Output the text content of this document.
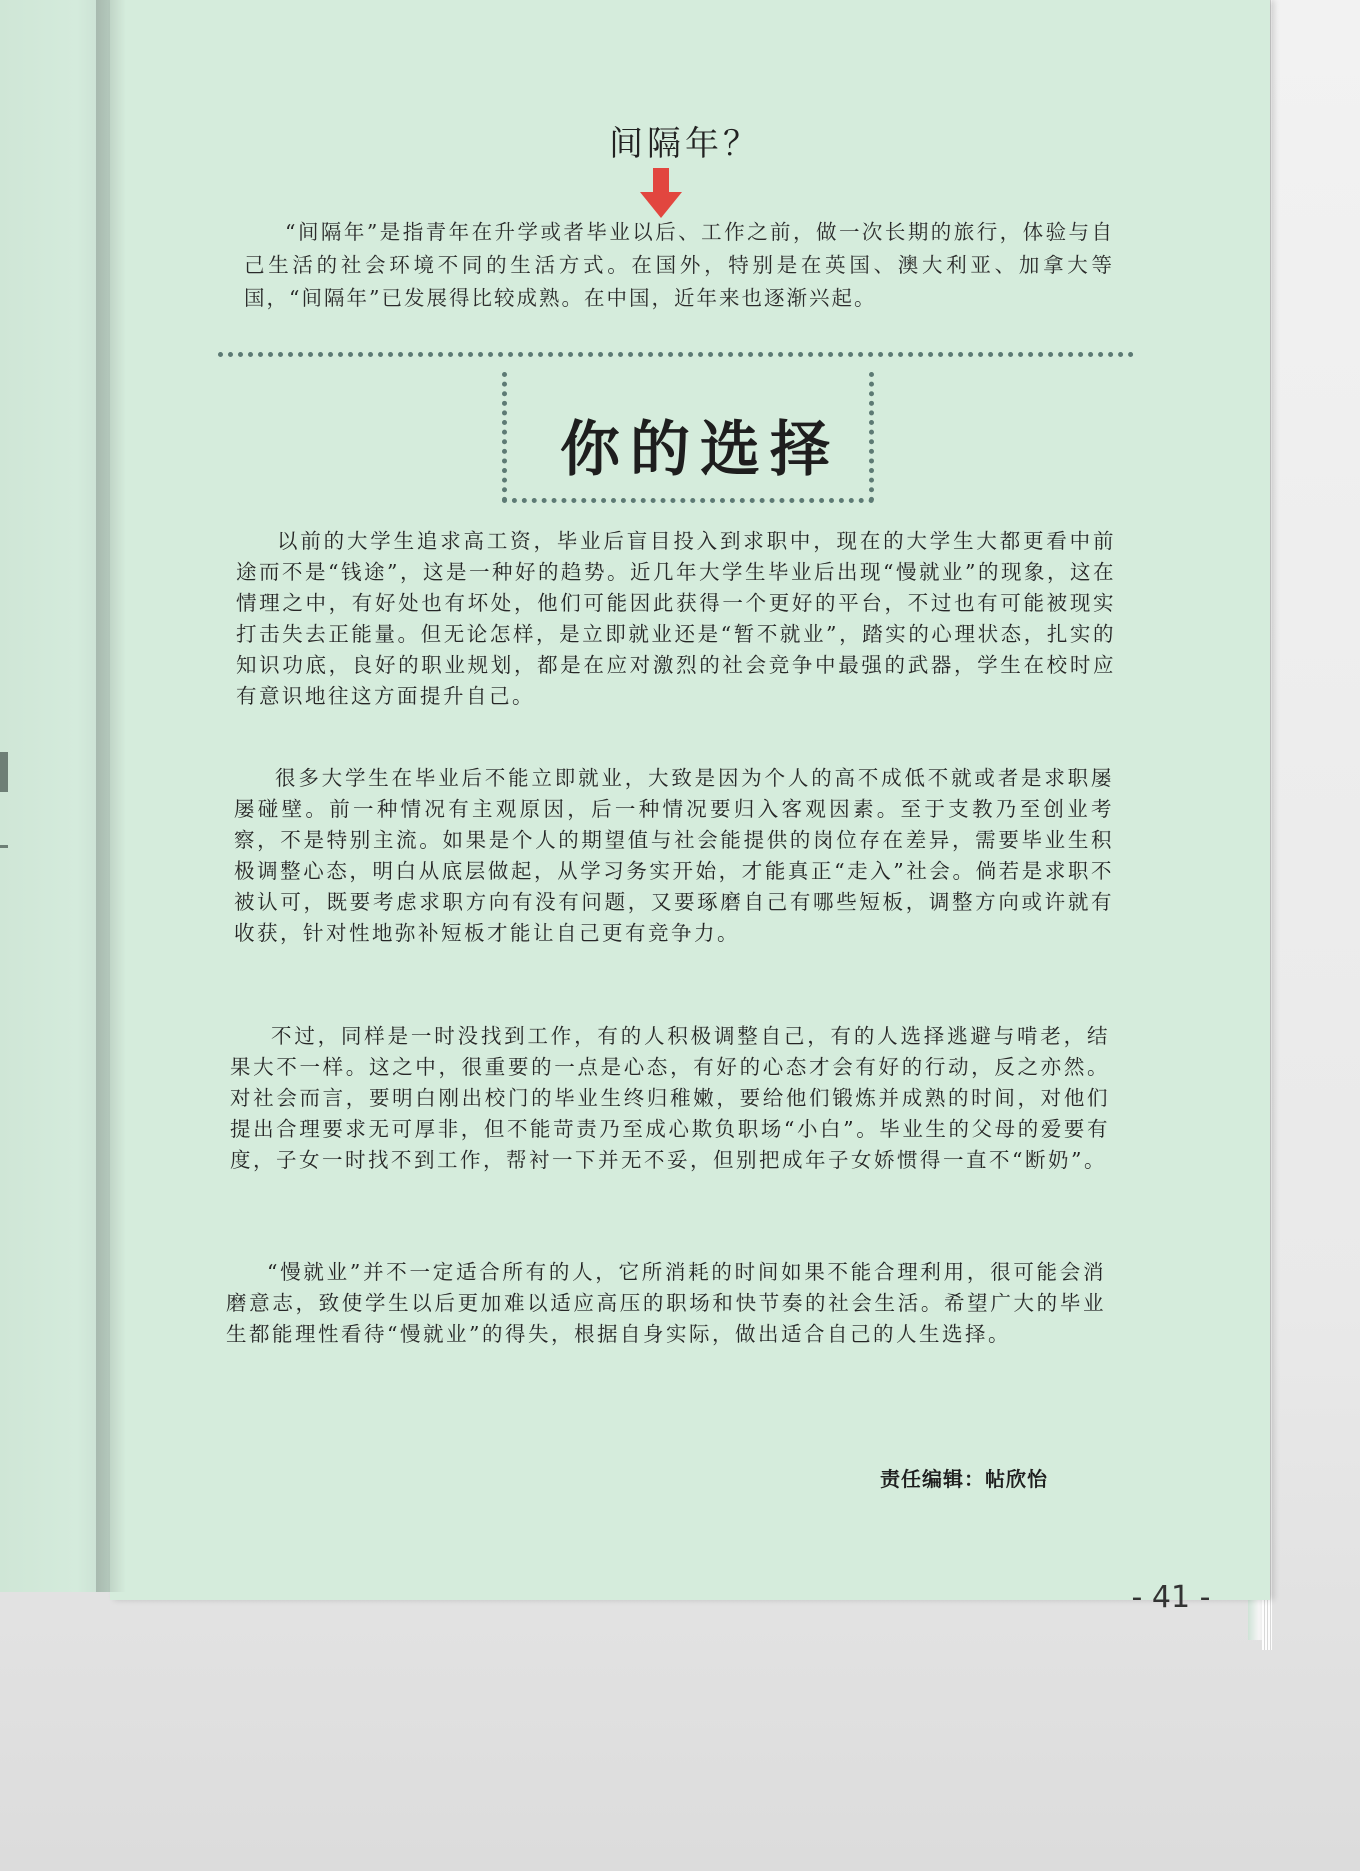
间隔年？
“间隔年”是指青年在升学或者毕业以后、工作之前，做一次长期的旅行，体验与自己生活的社会环境不同的生活方式。在国外，特别是在英国、澳大利亚、加拿大等国，“间隔年”已发展得比较成熟。在中国，近年来也逐渐兴起。
你的选择

以前的大学生追求高工资，毕业后盲目投入到求职中，现在的大学生大都更看中前途而不是“钱途”，这是一种好的趋势。近几年大学生毕业后出现“慢就业”的现象，这在情理之中，有好处也有坏处，他们可能因此获得一个更好的平台，不过也有可能被现实打击失去正能量。但无论怎样，是立即就业还是“暂不就业”，踏实的心理状态，扎实的知识功底，良好的职业规划，都是在应对激烈的社会竞争中最强的武器，学生在校时应有意识地往这方面提升自己。

很多大学生在毕业后不能立即就业，大致是因为个人的高不成低不就或者是求职屡屡碰壁。前一种情况有主观原因，后一种情况要归入客观因素。至于支教乃至创业考察，不是特别主流。如果是个人的期望值与社会能提供的岗位存在差异，需要毕业生积极调整心态，明白从底层做起，从学习务实开始，才能真正“走入”社会。倘若是求职不被认可，既要考虑求职方向有没有问题，又要琢磨自己有哪些短板，调整方向或许就有收获，针对性地弥补短板才能让自己更有竞争力。

不过，同样是一时没找到工作，有的人积极调整自己，有的人选择逃避与啃老，结果大不一样。这之中，很重要的一点是心态，有好的心态才会有好的行动，反之亦然。对社会而言，要明白刚出校门的毕业生终归稚嫩，要给他们锻炼并成熟的时间，对他们提出合理要求无可厚非，但不能苛责乃至成心欺负职场“小白”。毕业生的父母的爱要有度，子女一时找不到工作，帮衬一下并无不妥，但别把成年子女娇惯得一直不“断奶”。

“慢就业”并不一定适合所有的人，它所消耗的时间如果不能合理利用，很可能会消磨意志，致使学生以后更加难以适应高压的职场和快节奏的社会生活。希望广大的毕业生都能理性看待“慢就业”的得失，根据自身实际，做出适合自己的人生选择。

责任编辑：帖欣怡
- 41 -
